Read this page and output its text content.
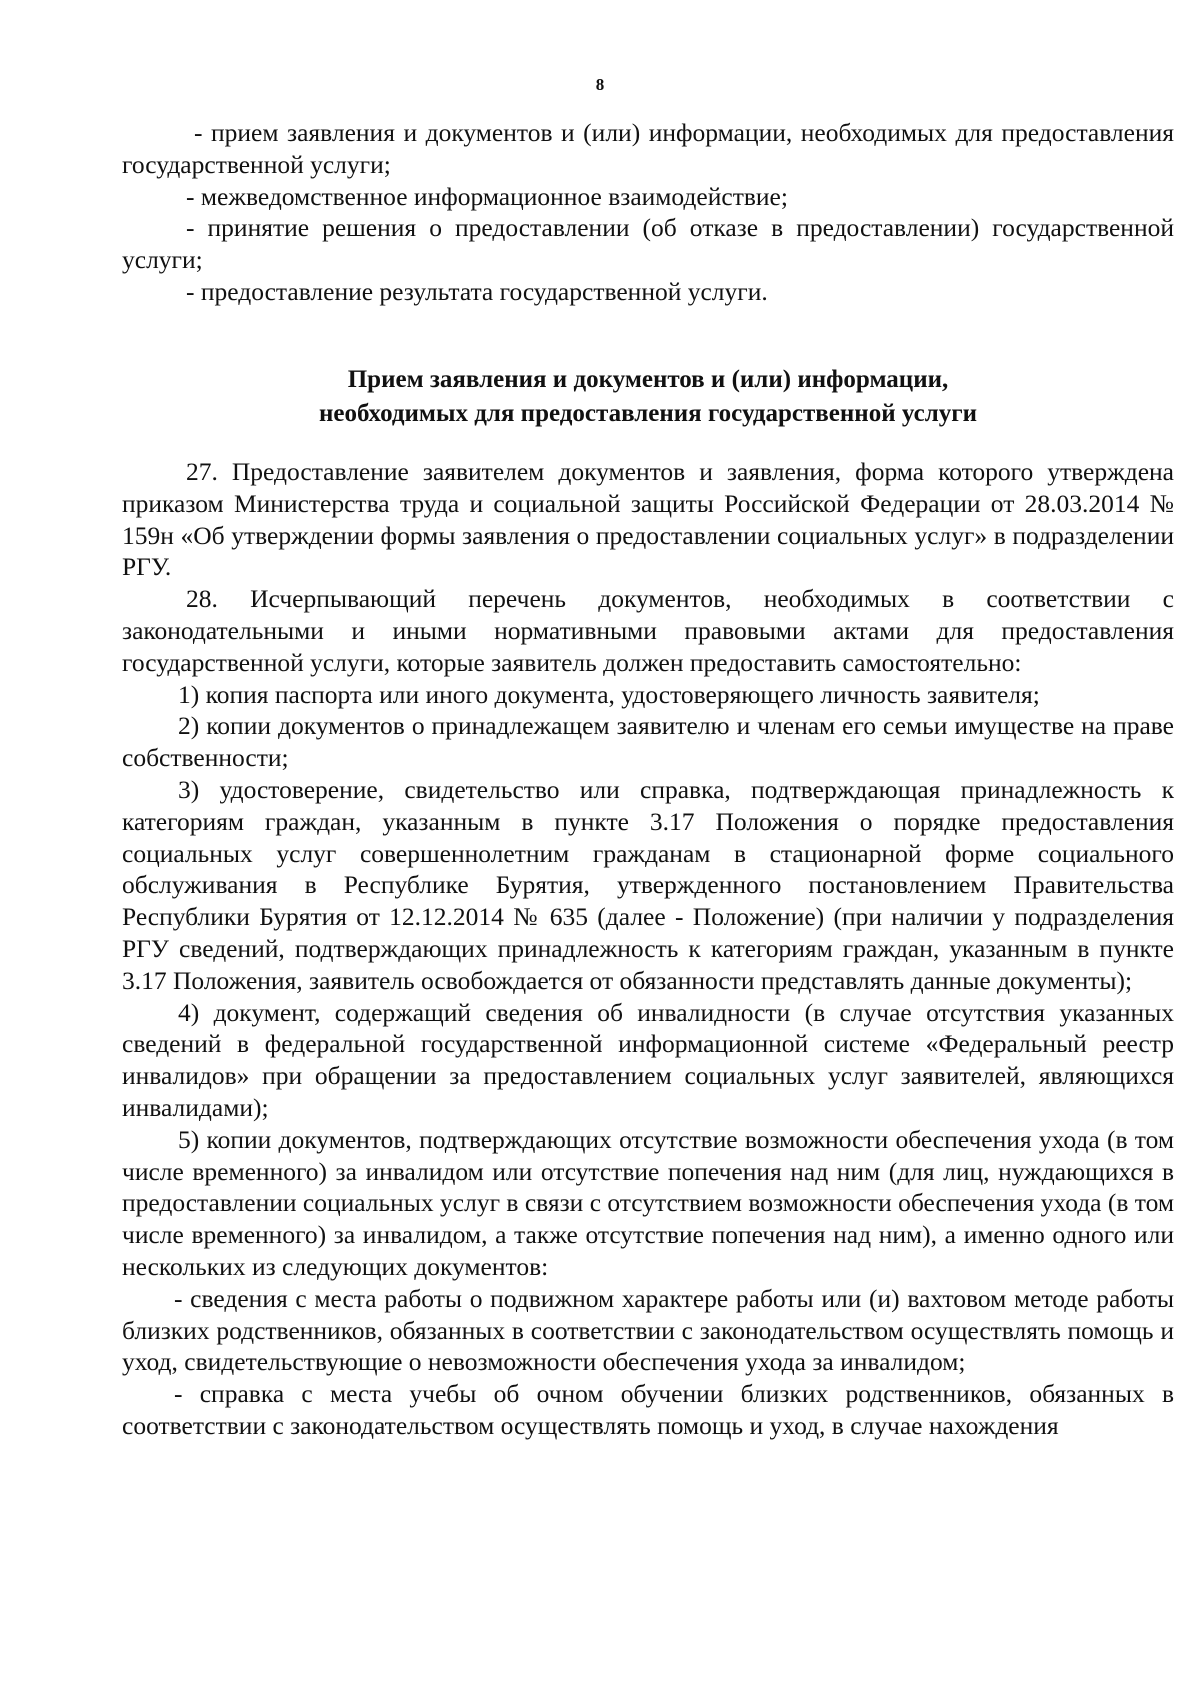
8

- прием заявления и документов и (или) информации, необходимых для предоставления государственной услуги;

- межведомственное информационное взаимодействие;

- принятие решения о предоставлении (об отказе в предоставлении) государственной услуги;

- предоставление результата государственной услуги.

Прием заявления и документов и (или) информации,
необходимых для предоставления государственной услуги

27. Предоставление заявителем документов и заявления, форма которого утверждена приказом Министерства труда и социальной защиты Российской Федерации от 28.03.2014 № 159н «Об утверждении формы заявления о предоставлении социальных услуг» в подразделении РГУ.

28. Исчерпывающий перечень документов, необходимых в соответствии с законодательными и иными нормативными правовыми актами для предоставления государственной услуги, которые заявитель должен предоставить самостоятельно:

1) копия паспорта или иного документа, удостоверяющего личность заявителя;

2) копии документов о принадлежащем заявителю и членам его семьи имуществе на праве собственности;

3) удостоверение, свидетельство или справка, подтверждающая принадлежность к категориям граждан, указанным в пункте 3.17 Положения о порядке предоставления социальных услуг совершеннолетним гражданам в стационарной форме социального обслуживания в Республике Бурятия, утвержденного постановлением Правительства Республики Бурятия от 12.12.2014 № 635 (далее - Положение) (при наличии у подразделения РГУ сведений, подтверждающих принадлежность к категориям граждан, указанным в пункте 3.17 Положения, заявитель освобождается от обязанности представлять данные документы);

4) документ, содержащий сведения об инвалидности (в случае отсутствия указанных сведений в федеральной государственной информационной системе «Федеральный реестр инвалидов» при обращении за предоставлением социальных услуг заявителей, являющихся инвалидами);

5) копии документов, подтверждающих отсутствие возможности обеспечения ухода (в том числе временного) за инвалидом или отсутствие попечения над ним (для лиц, нуждающихся в предоставлении социальных услуг в связи с отсутствием возможности обеспечения ухода (в том числе временного) за инвалидом, а также отсутствие попечения над ним), а именно одного или нескольких из следующих документов:

- сведения с места работы о подвижном характере работы или (и) вахтовом методе работы близких родственников, обязанных в соответствии с законодательством осуществлять помощь и уход, свидетельствующие о невозможности обеспечения ухода за инвалидом;

- справка с места учебы об очном обучении близких родственников, обязанных в соответствии с законодательством осуществлять помощь и уход, в случае нахождения
